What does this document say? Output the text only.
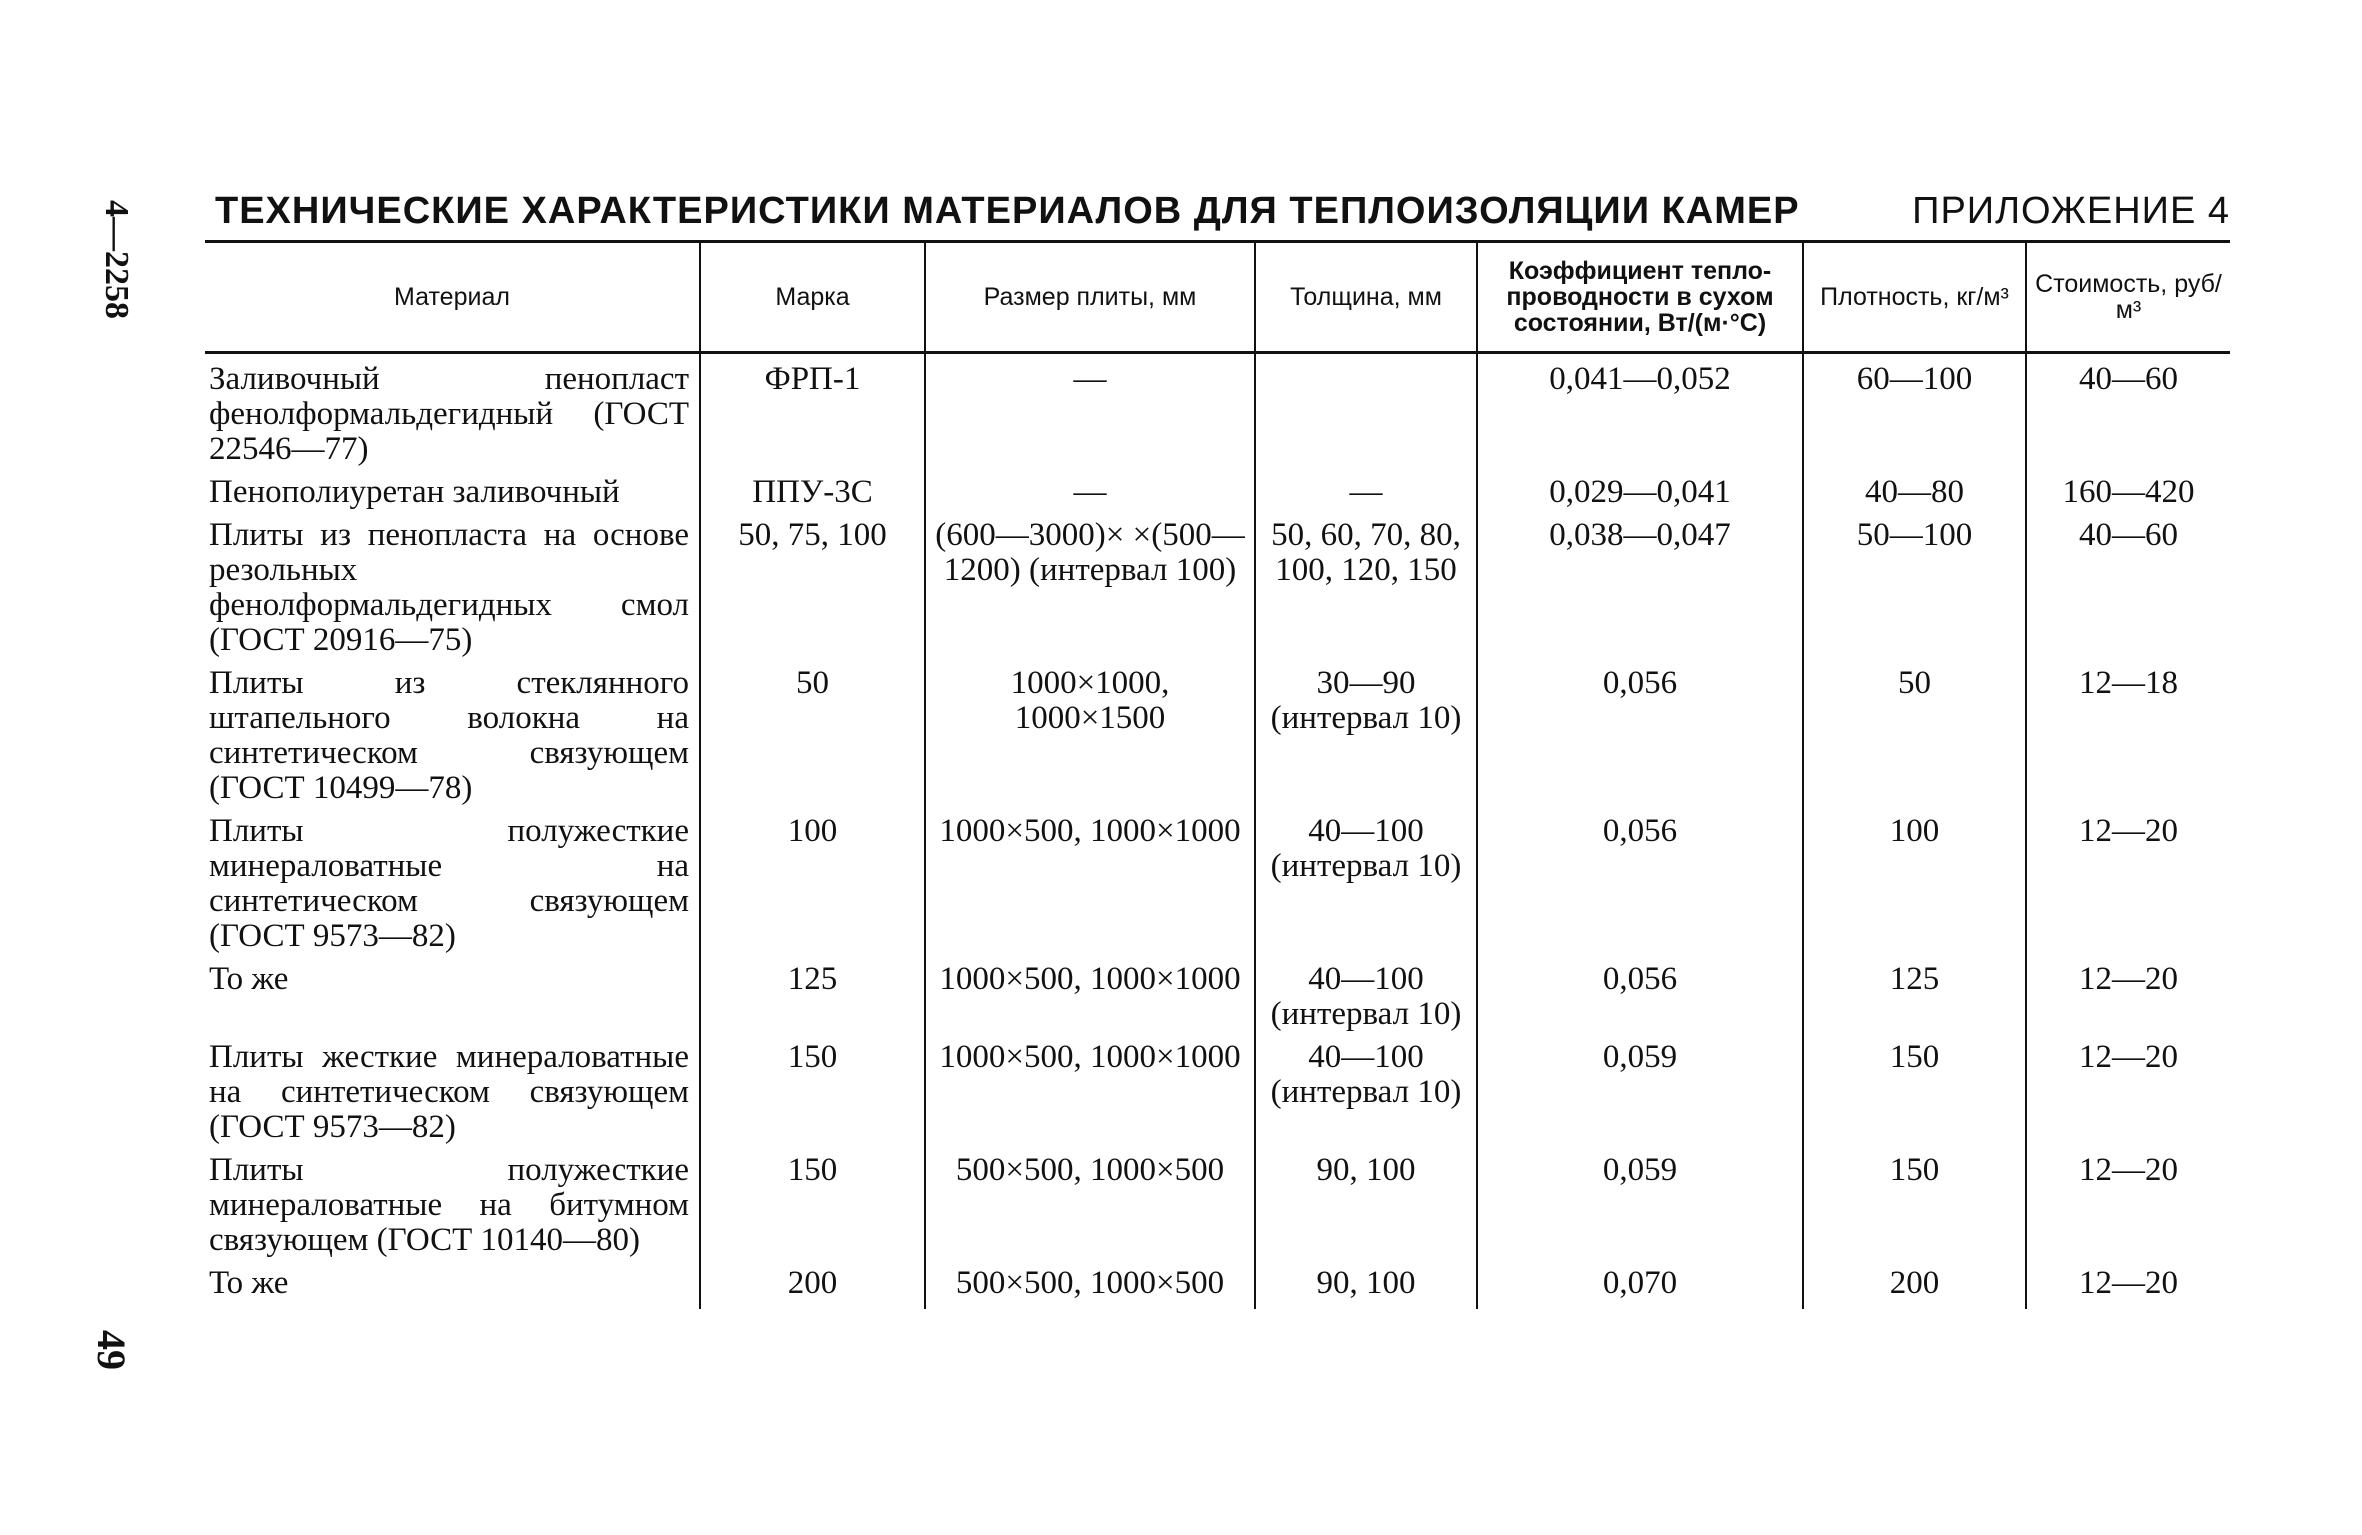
4—2258
49
ТЕХНИЧЕСКИЕ ХАРАКТЕРИСТИКИ МАТЕРИАЛОВ ДЛЯ ТЕПЛОИЗОЛЯЦИИ КАМЕР	ПРИЛОЖЕНИЕ 4
Материал	Марка	Размер плиты, мм	Толщина, мм	Коэффициент тепло-проводности в сухом состоянии, Вт/(м·°С)	Плотность, кг/м³	Стоимость, руб/м³
Заливочный пенопласт фенолформальдегидный (ГОСТ 22546—77)	ФРП-1	—		0,041—0,052	60—100	40—60
Пенополиуретан заливочный	ППУ-3С	—	—	0,029—0,041	40—80	160—420
Плиты из пенопласта на основе резольных фенолформальдегидных смол (ГОСТ 20916—75)	50, 75, 100	(600—3000)× ×(500—1200) (интервал 100)	50, 60, 70, 80, 100, 120, 150	0,038—0,047	50—100	40—60
Плиты из стеклянного штапельного волокна на синтетическом связующем (ГОСТ 10499—78)	50	1000×1000, 1000×1500	30—90 (интервал 10)	0,056	50	12—18
Плиты полужесткие минераловатные на синтетическом связующем (ГОСТ 9573—82)	100	1000×500, 1000×1000	40—100 (интервал 10)	0,056	100	12—20
То же	125	1000×500, 1000×1000	40—100 (интервал 10)	0,056	125	12—20
Плиты жесткие минераловатные на синтетическом связующем (ГОСТ 9573—82)	150	1000×500, 1000×1000	40—100 (интервал 10)	0,059	150	12—20
Плиты полужесткие минераловатные на битумном связующем (ГОСТ 10140—80)	150	500×500, 1000×500	90, 100	0,059	150	12—20
То же	200	500×500, 1000×500	90, 100	0,070	200	12—20
